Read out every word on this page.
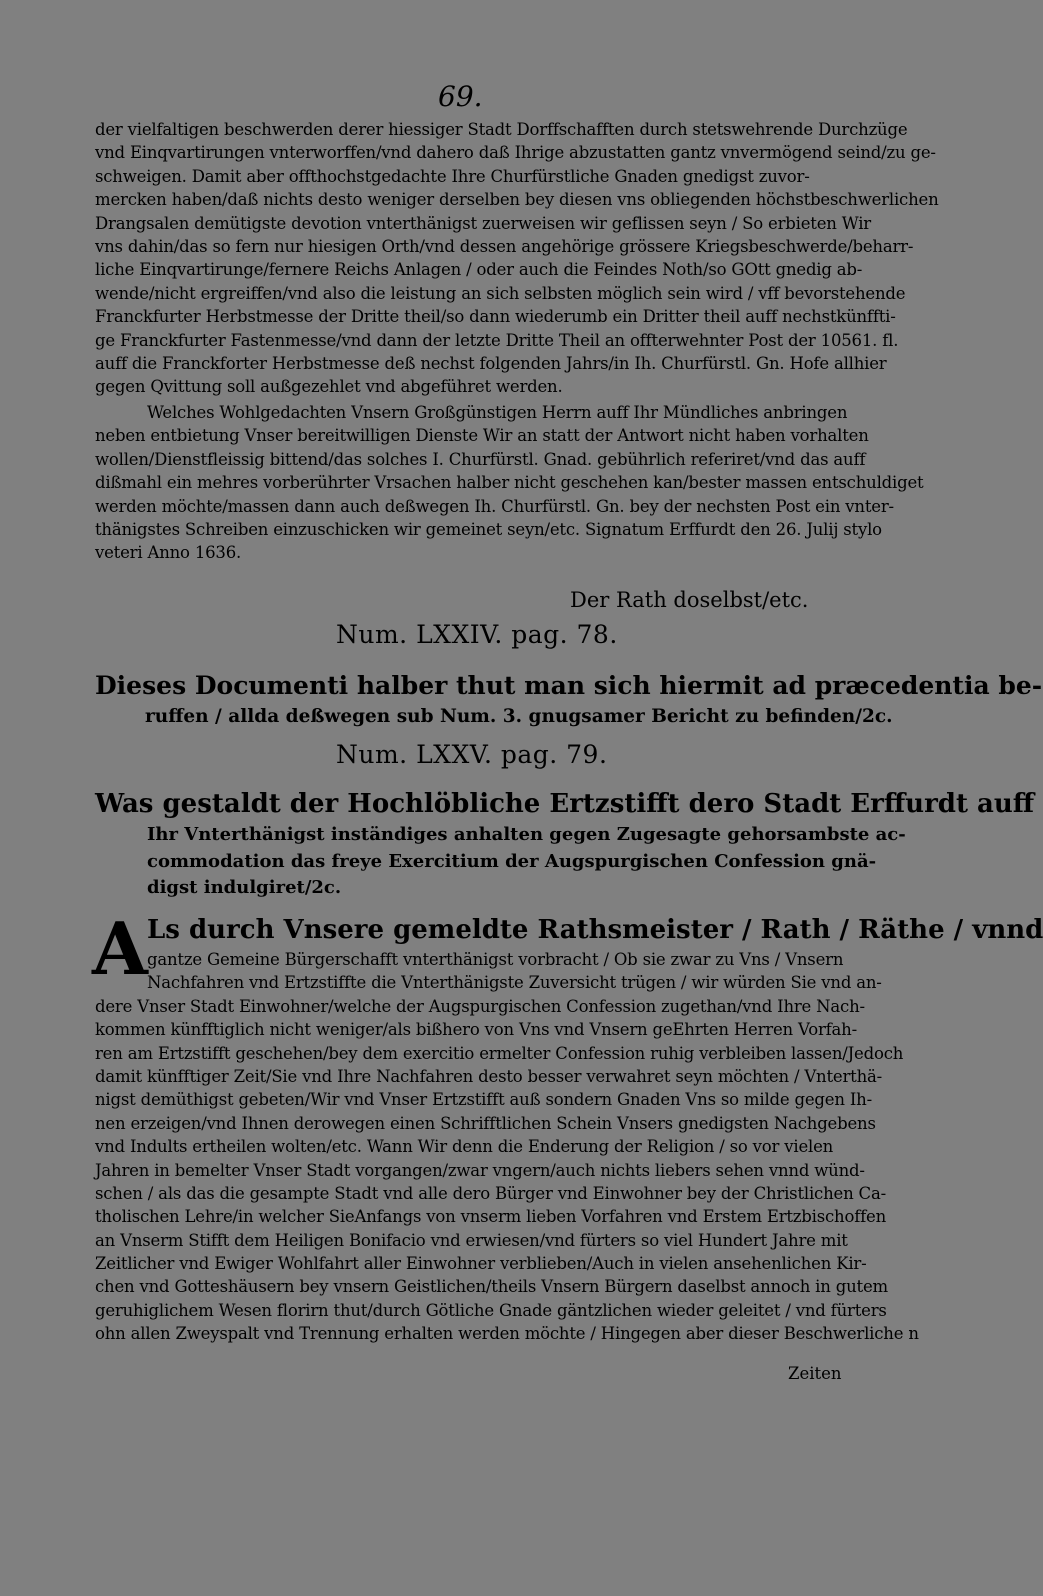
69.
der vielfaltigen beschwerden derer hiessiger Stadt Dorffschafften durch stetswehrende Durchzüge
vnd Einqvartirungen vnterworffen/vnd dahero daß Ihrige abzustatten gantz vnvermögend seind/zu ge-
schweigen. Damit aber offthochstgedachte Ihre Churfürstliche Gnaden gnedigst zuvor-
mercken haben/daß nichts desto weniger derselben bey diesen vns obliegenden höchstbeschwerlichen
Drangsalen demütigste devotion vnterthänigst zuerweisen wir geflissen seyn / So erbieten Wir
vns dahin/das so fern nur hiesigen Orth/vnd dessen angehörige grössere Kriegsbeschwerde/beharr-
liche Einqvartirunge/fernere Reichs Anlagen / oder auch die Feindes Noth/so GOtt gnedig ab-
wende/nicht ergreiffen/vnd also die leistung an sich selbsten möglich sein wird / vff bevorstehende
Franckfurter Herbstmesse der Dritte theil/so dann wiederumb ein Dritter theil auff nechstkünffti-
ge Franckfurter Fastenmesse/vnd dann der letzte Dritte Theil an offterwehnter Post der 10561. fl.
auff die Franckforter Herbstmesse deß nechst folgenden Jahrs/in Ih. Churfürstl. Gn. Hofe allhier
gegen Qvittung soll außgezehlet vnd abgeführet werden.
Welches Wohlgedachten Vnsern Großgünstigen Herrn auff Ihr Mündliches anbringen
neben entbietung Vnser bereitwilligen Dienste Wir an statt der Antwort nicht haben vorhalten
wollen/Dienstfleissig bittend/das solches I. Churfürstl. Gnad. gebührlich referiret/vnd das auff
dißmahl ein mehres vorberührter Vrsachen halber nicht geschehen kan/bester massen entschuldiget
werden möchte/massen dann auch deßwegen Ih. Churfürstl. Gn. bey der nechsten Post ein vnter-
thänigstes Schreiben einzuschicken wir gemeinet seyn/etc. Signatum Erffurdt den 26. Julij stylo
veteri Anno 1636.
Der Rath doselbst/etc.
Num. LXXIV. pag. 78.
Dieses Documenti halber thut man sich hiermit ad præcedentia be-
ruffen / allda deßwegen sub Num. 3. gnugsamer Bericht zu befinden/2c.
Num. LXXV. pag. 79.
Was gestaldt der Hochlöbliche Ertzstifft dero Stadt Erffurdt auff
Ihr Vnterthänigst inständiges anhalten gegen Zugesagte gehorsambste ac-
commodation das freye Exercitium der Augspurgischen Confession gnä-
digst indulgiret/2c.
A Ls durch Vnsere gemeldte Rathsmeister / Rath / Räthe / vnnd
gantze Gemeine Bürgerschafft vnterthänigst vorbracht / Ob sie zwar zu Vns / Vnsern
Nachfahren vnd Ertzstiffte die Vnterthänigste Zuversicht trügen / wir würden Sie vnd an-
dere Vnser Stadt Einwohner/welche der Augspurgischen Confession zugethan/vnd Ihre Nach-
kommen künfftiglich nicht weniger/als bißhero von Vns vnd Vnsern geEhrten Herren Vorfah-
ren am Ertzstifft geschehen/bey dem exercitio ermelter Confession ruhig verbleiben lassen/Jedoch
damit künfftiger Zeit/Sie vnd Ihre Nachfahren desto besser verwahret seyn möchten / Vnterthä-
nigst demüthigst gebeten/Wir vnd Vnser Ertzstifft auß sondern Gnaden Vns so milde gegen Ih-
nen erzeigen/vnd Ihnen derowegen einen Schrifftlichen Schein Vnsers gnedigsten Nachgebens
vnd Indults ertheilen wolten/etc. Wann Wir denn die Enderung der Religion / so vor vielen
Jahren in bemelter Vnser Stadt vorgangen/zwar vngern/auch nichts liebers sehen vnnd wünd-
schen / als das die gesampte Stadt vnd alle dero Bürger vnd Einwohner bey der Christlichen Ca-
tholischen Lehre/in welcher SieAnfangs von vnserm lieben Vorfahren vnd Erstem Ertzbischoffen
an Vnserm Stifft dem Heiligen Bonifacio vnd erwiesen/vnd fürters so viel Hundert Jahre mit
Zeitlicher vnd Ewiger Wohlfahrt aller Einwohner verblieben/Auch in vielen ansehenlichen Kir-
chen vnd Gotteshäusern bey vnsern Geistlichen/theils Vnsern Bürgern daselbst annoch in gutem
geruhiglichem Wesen florirn thut/durch Götliche Gnade gäntzlichen wieder geleitet / vnd fürters
ohn allen Zweyspalt vnd Trennung erhalten werden möchte / Hingegen aber dieser Beschwerliche n
Zeiten
